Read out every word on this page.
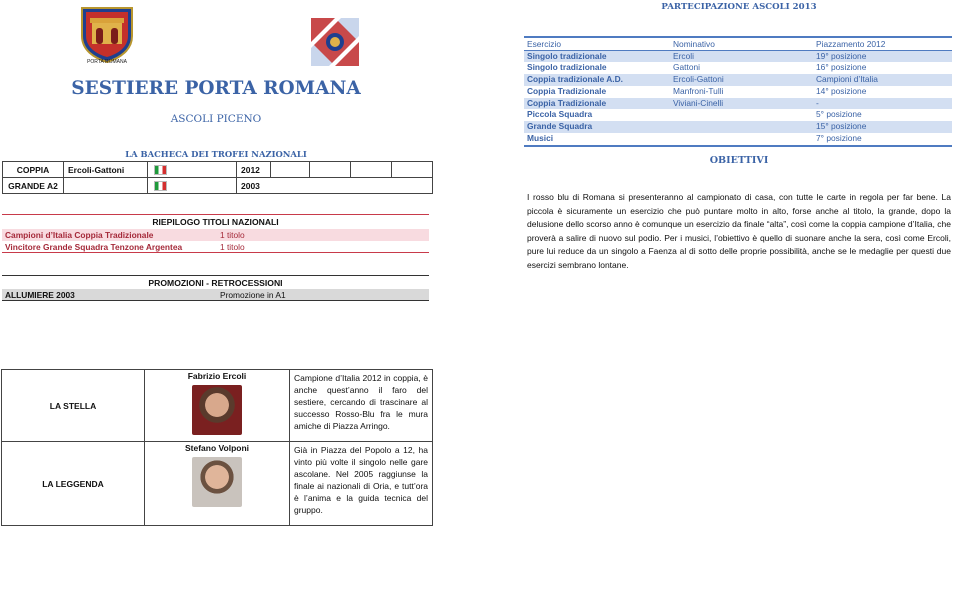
PORTA ROMANA
SESTIERE PORTA ROMANA
ASCOLI PICENO
LA BACHECA DEI TROFEI NAZIONALI
COPPIA	Ercoli-Gattoni		2012				
GRANDE A2			2003				
RIEPILOGO TITOLI NAZIONALI
Campioni d’Italia Coppia Tradizionale	1 titolo
Vincitore Grande Squadra Tenzone Argentea	1 titolo
PROMOZIONI - RETROCESSIONI
ALLUMIERE 2003	Promozione in A1
LA STELLA	Fabrizio Ercoli	Campione d’Italia 2012 in coppia, è anche quest’anno il faro del sestiere, cercando di trascinare al successo Rosso-Blu fra le mura amiche di Piazza Arringo.
LA LEGGENDA	Stefano Volponi	Già in Piazza del Popolo a 12, ha vinto più volte il singolo nelle gare ascolane. Nel 2005 raggiunse la finale ai nazionali di Oria, e tutt’ora è l’anima e la guida tecnica del gruppo.
PARTECIPAZIONE ASCOLI 2013
Esercizio	Nominativo	Piazzamento 2012
Singolo tradizionale	Ercoli	19° posizione
Singolo tradizionale	Gattoni	16° posizione
Coppia tradizionale A.D.	Ercoli-Gattoni	Campioni d’Italia
Coppia Tradizionale	Manfroni-Tulli	14° posizione
Coppia Tradizionale	Viviani-Cinelli	-
Piccola Squadra		5° posizione
Grande Squadra		15° posizione
Musici		7° posizione
OBIETTIVI
I rosso blu di Romana si presenteranno al campionato di casa, con tutte le carte in regola per far bene. La piccola è sicuramente un esercizio che può puntare molto in alto, forse anche al titolo, la grande, dopo la delusione dello scorso anno è comunque un esercizio da finale “alta”, così come la coppia campione d’Italia, che proverà a salire di nuovo sul podio. Per i musici, l’obiettivo è quello di suonare anche la sera, così come Ercoli, pure lui reduce da un singolo a Faenza al di sotto delle proprie possibilità, anche se le medaglie per questi due esercizi sembrano lontane.
